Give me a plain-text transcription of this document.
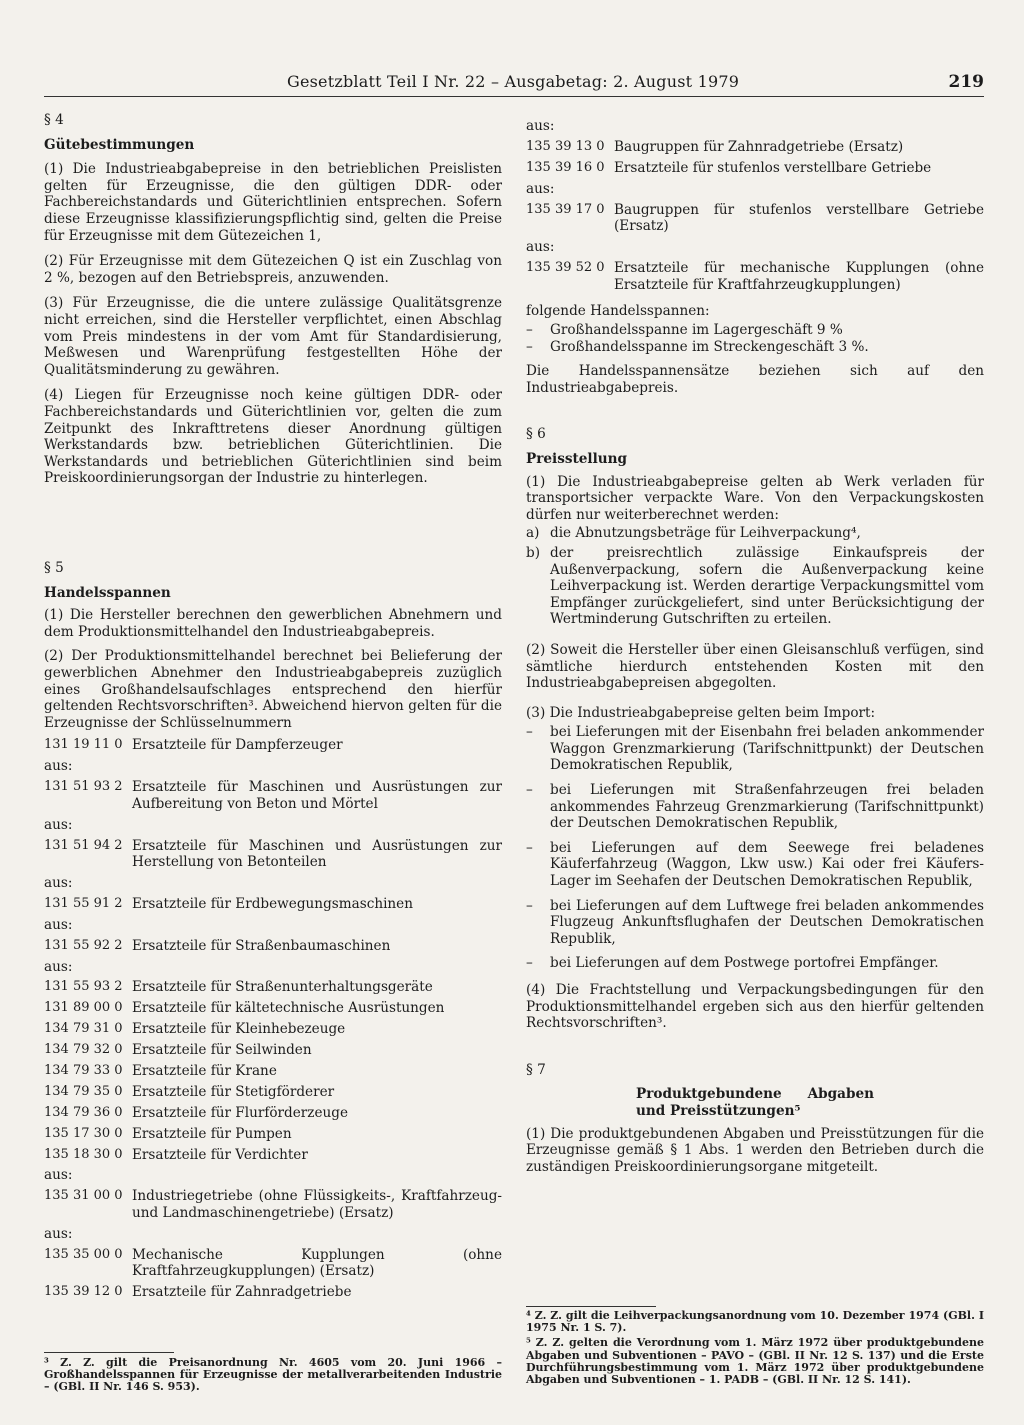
Gesetzblatt Teil I Nr. 22 – Ausgabetag: 2. August 1979	219

§ 4

Gütebestimmungen

(1) Die Industrieabgabepreise in den betrieblichen Preislisten gelten für Erzeugnisse, die den gültigen DDR- oder Fachbereichstandards und Güterichtlinien entsprechen. Sofern diese Erzeugnisse klassifizierungspflichtig sind, gelten die Preise für Erzeugnisse mit dem Gütezeichen 1,

(2) Für Erzeugnisse mit dem Gütezeichen Q ist ein Zuschlag von 2 %, bezogen auf den Betriebspreis, anzuwenden.

(3) Für Erzeugnisse, die die untere zulässige Qualitätsgrenze nicht erreichen, sind die Hersteller verpflichtet, einen Abschlag vom Preis mindestens in der vom Amt für Standardisierung, Meßwesen und Warenprüfung festgestellten Höhe der Qualitätsminderung zu gewähren.

(4) Liegen für Erzeugnisse noch keine gültigen DDR- oder Fachbereichstandards und Güterichtlinien vor, gelten die zum Zeitpunkt des Inkrafttretens dieser Anordnung gültigen Werkstandards bzw. betrieblichen Güterichtlinien. Die Werkstandards und betrieblichen Güterichtlinien sind beim Preiskoordinierungsorgan der Industrie zu hinterlegen.

§ 5

Handelsspannen

(1) Die Hersteller berechnen den gewerblichen Abnehmern und dem Produktionsmittelhandel den Industrieabgabepreis.

(2) Der Produktionsmittelhandel berechnet bei Belieferung der gewerblichen Abnehmer den Industrieabgabepreis zuzüglich eines Großhandelsaufschlages entsprechend den hierfür geltenden Rechtsvorschriften³. Abweichend hiervon gelten für die Erzeugnisse der Schlüsselnummern

131 19 11 0 Ersatzteile für Dampferzeuger

aus:

131 51 93 2 Ersatzteile für Maschinen und Ausrüstungen zur Aufbereitung von Beton und Mörtel

aus:

131 51 94 2 Ersatzteile für Maschinen und Ausrüstungen zur Herstellung von Betonteilen

aus:

131 55 91 2 Ersatzteile für Erdbewegungsmaschinen

aus:

131 55 92 2 Ersatzteile für Straßenbaumaschinen

aus:

131 55 93 2 Ersatzteile für Straßenunterhaltungsgeräte
131 89 00 0 Ersatzteile für kältetechnische Ausrüstungen
134 79 31 0 Ersatzteile für Kleinhebezeuge
134 79 32 0 Ersatzteile für Seilwinden
134 79 33 0 Ersatzteile für Krane
134 79 35 0 Ersatzteile für Stetigförderer
134 79 36 0 Ersatzteile für Flurförderzeuge
135 17 30 0 Ersatzteile für Pumpen
135 18 30 0 Ersatzteile für Verdichter

aus:

135 31 00 0 Industriegetriebe (ohne Flüssigkeits-, Kraftfahrzeug- und Landmaschinengetriebe) (Ersatz)

aus:

135 35 00 0 Mechanische Kupplungen (ohne Kraftfahrzeugkupplungen) (Ersatz)
135 39 12 0 Ersatzteile für Zahnradgetriebe

³ Z. Z. gilt die Preisanordnung Nr. 4605 vom 20. Juni 1966 – Großhandelsspannen für Erzeugnisse der metallverarbeitenden Industrie – (GBl. II Nr. 146 S. 953).

aus:

135 39 13 0 Baugruppen für Zahnradgetriebe (Ersatz)
135 39 16 0 Ersatzteile für stufenlos verstellbare Getriebe

aus:

135 39 17 0 Baugruppen für stufenlos verstellbare Getriebe (Ersatz)

aus:

135 39 52 0 Ersatzteile für mechanische Kupplungen (ohne Ersatzteile für Kraftfahrzeugkupplungen)

folgende Handelsspannen:

–	Großhandelsspanne im Lagergeschäft 9 %
–	Großhandelsspanne im Streckengeschäft 3 %.

Die Handelsspannensätze beziehen sich auf den Industrieabgabepreis.

§ 6

Preisstellung

(1) Die Industrieabgabepreise gelten ab Werk verladen für transportsicher verpackte Ware. Von den Verpackungskosten dürfen nur weiterberechnet werden:

a) die Abnutzungsbeträge für Leihverpackung⁴,
b) der preisrechtlich zulässige Einkaufspreis der Außenverpackung, sofern die Außenverpackung keine Leihverpackung ist. Werden derartige Verpackungsmittel vom Empfänger zurückgeliefert, sind unter Berücksichtigung der Wertminderung Gutschriften zu erteilen.

(2) Soweit die Hersteller über einen Gleisanschluß verfügen, sind sämtliche hierdurch entstehenden Kosten mit den Industrieabgabepreisen abgegolten.

(3) Die Industrieabgabepreise gelten beim Import:

–	bei Lieferungen mit der Eisenbahn frei beladen ankommender Waggon Grenzmarkierung (Tarifschnittpunkt) der Deutschen Demokratischen Republik,
–	bei Lieferungen mit Straßenfahrzeugen frei beladen ankommendes Fahrzeug Grenzmarkierung (Tarifschnittpunkt) der Deutschen Demokratischen Republik,
–	bei Lieferungen auf dem Seewege frei beladenes Käuferfahrzeug (Waggon, Lkw usw.) Kai oder frei Käufers-Lager im Seehafen der Deutschen Demokratischen Republik,
–	bei Lieferungen auf dem Luftwege frei beladen ankommendes Flugzeug Ankunftsflughafen der Deutschen Demokratischen Republik,
–	bei Lieferungen auf dem Postwege portofrei Empfänger.

(4) Die Frachtstellung und Verpackungsbedingungen für den Produktionsmittelhandel ergeben sich aus den hierfür geltenden Rechtsvorschriften³.

§ 7

Produktgebundene Abgaben und Preisstützungen⁵

(1) Die produktgebundenen Abgaben und Preisstützungen für die Erzeugnisse gemäß § 1 Abs. 1 werden den Betrieben durch die zuständigen Preiskoordinierungsorgane mitgeteilt.

⁴ Z. Z. gilt die Leihverpackungsanordnung vom 10. Dezember 1974 (GBl. I 1975 Nr. 1 S. 7).

⁵ Z. Z. gelten die Verordnung vom 1. März 1972 über produktgebundene Abgaben und Subventionen – PAVO – (GBl. II Nr. 12 S. 137) und die Erste Durchführungsbestimmung vom 1. März 1972 über produktgebundene Abgaben und Subventionen – 1. PADB – (GBl. II Nr. 12 S. 141).
